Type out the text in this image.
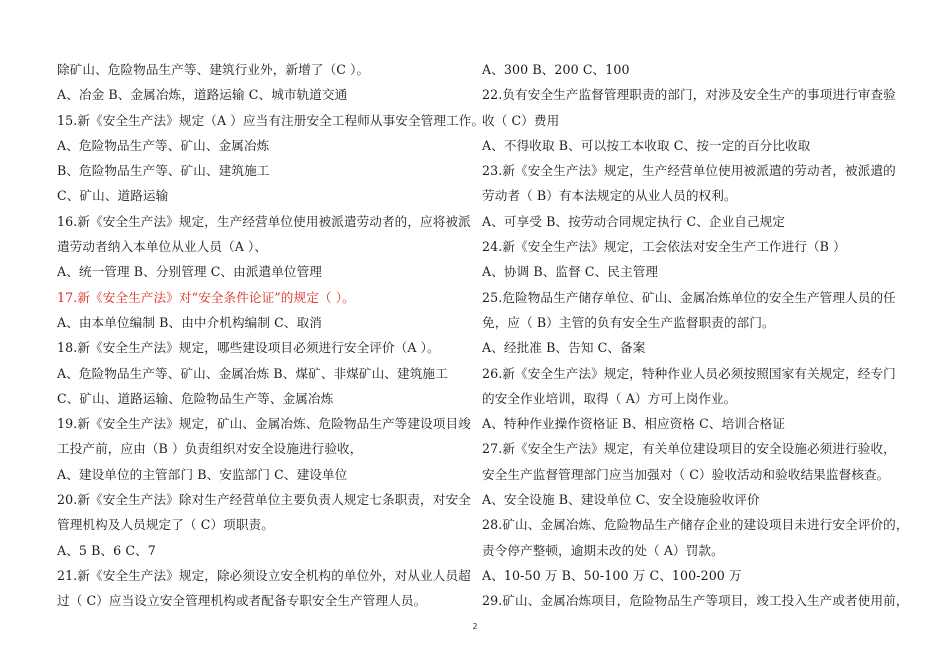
除矿山、危险物品生产等、建筑行业外，新增了（C ）。
A、冶金 B、金属冶炼，道路运输 C、城市轨道交通
15.新《安全生产法》规定（A ）应当有注册安全工程师从事安全管理工作。
A、危险物品生产等、矿山、金属冶炼
B、危险物品生产等、矿山、建筑施工
C、矿山、道路运输
16.新《安全生产法》规定，生产经营单位使用被派遣劳动者的，应将被派
遣劳动者纳入本单位从业人员（A ）、
A、统一管理 B、分别管理 C、由派遣单位管理
17.新《安全生产法》对“安全条件论证”的规定（ ）。
A、由本单位编制 B、由中介机构编制 C、取消
18.新《安全生产法》规定，哪些建设项目必须进行安全评价（A ）。
A、危险物品生产等、矿山、金属冶炼 B、煤矿、非煤矿山、建筑施工
C、矿山、道路运输、危险物品生产等、金属冶炼
19.新《安全生产法》规定，矿山、金属冶炼、危险物品生产等建设项目竣
工投产前，应由（B ）负责组织对安全设施进行验收，
A、建设单位的主管部门 B、安监部门 C、建设单位
20.新《安全生产法》除对生产经营单位主要负责人规定七条职责，对安全
管理机构及人员规定了（ C）项职责。
A、5 B、6 C、7
21.新《安全生产法》规定，除必须设立安全机构的单位外，对从业人员超
过（ C）应当设立安全管理机构或者配备专职安全生产管理人员。
A、300 B、200 C、100
22.负有安全生产监督管理职责的部门，对涉及安全生产的事项进行审查验
收（ C）费用
A、不得收取 B、可以按工本收取 C、按一定的百分比收取
23.新《安全生产法》规定，生产经营单位使用被派遣的劳动者，被派遣的
劳动者（ B）有本法规定的从业人员的权利。
A、可享受 B、按劳动合同规定执行 C、企业自己规定
24.新《安全生产法》规定，工会依法对安全生产工作进行（B ）
A、协调 B、监督 C、民主管理
25.危险物品生产储存单位、矿山、金属冶炼单位的安全生产管理人员的任
免，应（ B）主管的负有安全生产监督职责的部门。
A、经批准 B、告知 C、备案
26.新《安全生产法》规定，特种作业人员必须按照国家有关规定，经专门
的安全作业培训，取得（ A）方可上岗作业。
A、特种作业操作资格证 B、相应资格 C、培训合格证
27.新《安全生产法》规定，有关单位建设项目的安全设施必须进行验收，
安全生产监督管理部门应当加强对（ C）验收活动和验收结果监督核查。
A、安全设施 B、建设单位 C、安全设施验收评价
28.矿山、金属冶炼、危险物品生产储存企业的建设项目未进行安全评价的，
责令停产整顿，逾期未改的处（ A）罚款。
A、10-50 万 B、50-100 万 C、100-200 万
29.矿山、金属冶炼项目，危险物品生产等项目，竣工投入生产或者使用前，
2
